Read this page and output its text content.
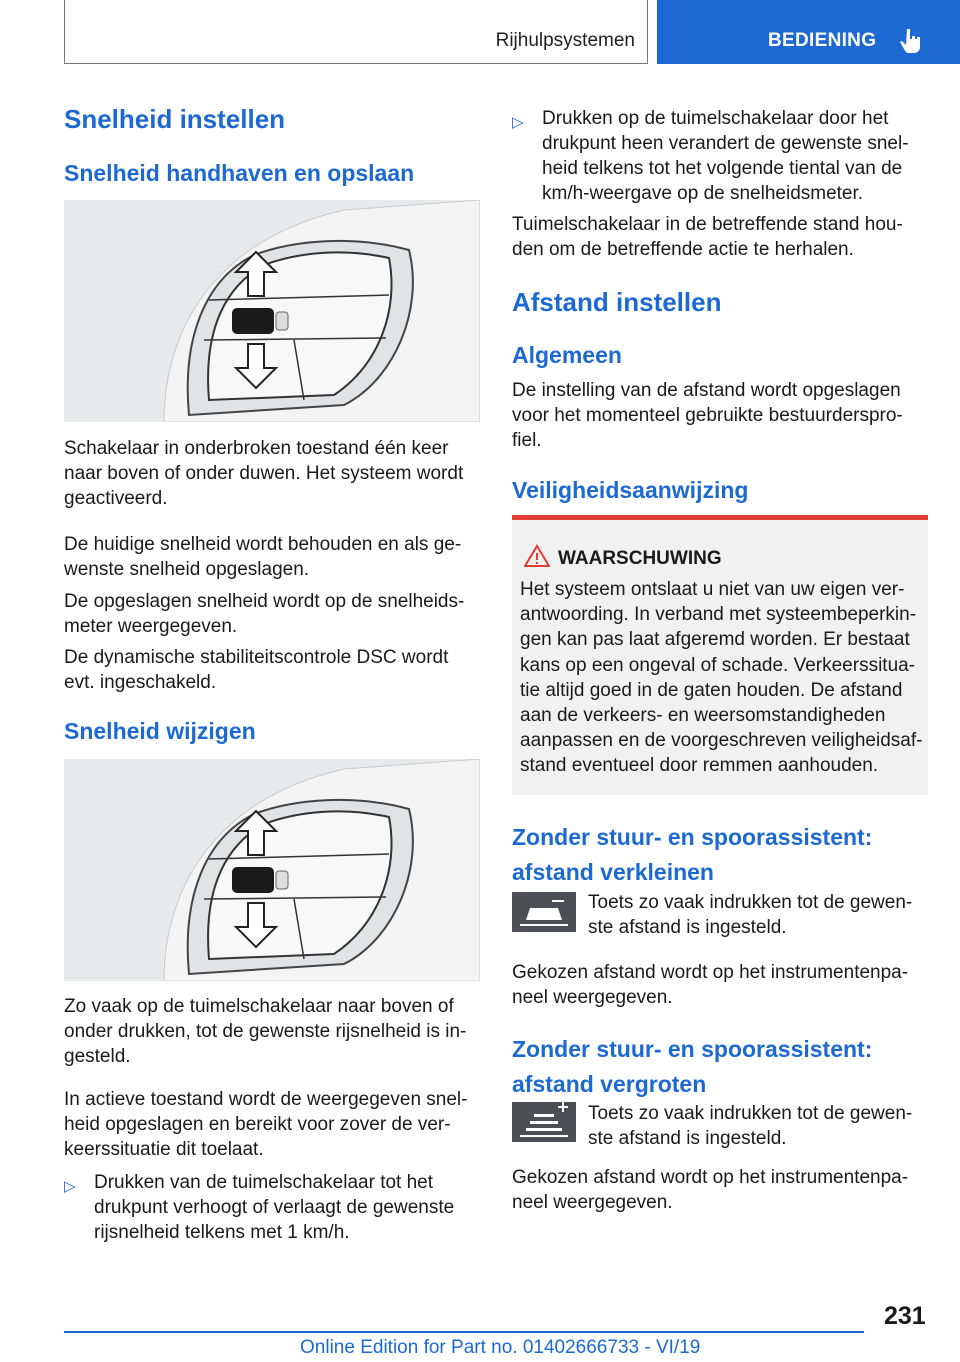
Rijhulpsystemen	BEDIENING
Snelheid instellen
Snelheid handhaven en opslaan
Schakelaar in onderbroken toestand één keer naar boven of onder duwen. Het systeem wordt geactiveerd.
De huidige snelheid wordt behouden en als ge-wenste snelheid opgeslagen.
De opgeslagen snelheid wordt op de snelheids-meter weergegeven.
De dynamische stabiliteitscontrole DSC wordt evt. ingeschakeld.
Snelheid wijzigen
Zo vaak op de tuimelschakelaar naar boven of onder drukken, tot de gewenste rijsnelheid is in-gesteld.
In actieve toestand wordt de weergegeven snel-heid opgeslagen en bereikt voor zover de ver-keerssituatie dit toelaat.
▷ Drukken van de tuimelschakelaar tot het drukpunt verhoogt of verlaagt de gewenste rijsnelheid telkens met 1 km/h.
▷ Drukken op de tuimelschakelaar door het drukpunt heen verandert de gewenste snel-heid telkens tot het volgende tiental van de km/h-weergave op de snelheidsmeter.
Tuimelschakelaar in de betreffende stand hou-den om de betreffende actie te herhalen.
Afstand instellen
Algemeen
De instelling van de afstand wordt opgeslagen voor het momenteel gebruikte bestuurderspro-fiel.
Veiligheidsaanwijzing
WAARSCHUWING
Het systeem ontslaat u niet van uw eigen ver-antwoording. In verband met systeembeperkin-gen kan pas laat afgeremd worden. Er bestaat kans op een ongeval of schade. Verkeerssitua-tie altijd goed in de gaten houden. De afstand aan de verkeers- en weersomstandigheden aanpassen en de voorgeschreven veiligheidsaf-stand eventueel door remmen aanhouden.
Zonder stuur- en spoorassistent: afstand verkleinen
Toets zo vaak indrukken tot de gewen-ste afstand is ingesteld.
Gekozen afstand wordt op het instrumentenpa-neel weergegeven.
Zonder stuur- en spoorassistent: afstand vergroten
Toets zo vaak indrukken tot de gewen-ste afstand is ingesteld.
Gekozen afstand wordt op het instrumentenpa-neel weergegeven.
231
Online Edition for Part no. 01402666733 - VI/19
